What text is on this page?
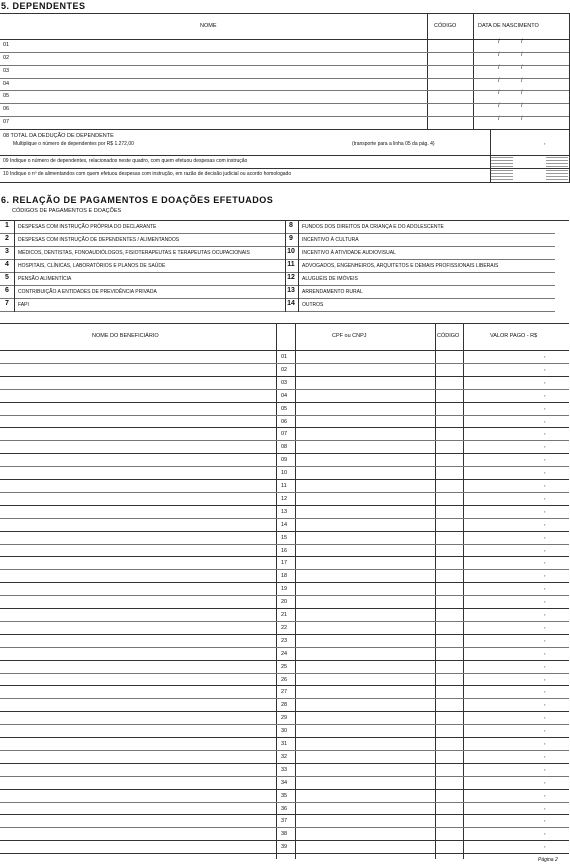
5. DEPENDENTES
NOME	CÓDIGO	DATA DE NASCIMENTO
01	/	/
02	/	/
03	/	/
04	/	/
05	/	/
06	/	/
07	/	/
08 TOTAL DA DEDUÇÃO DE DEPENDENTE
Multiplique o número de dependentes por R$ 1.272,00	(transporte para a linha 05 da pág. 4)	,
09 Indique o número de dependentes, relacionados neste quadro, com quem efetuou despesas com instrução
10 Indique o nº de alimentandos com quem efetuou despesas com instrução, em razão de decisão judicial ou acordo homologado
6. RELAÇÃO DE PAGAMENTOS E DOAÇÕES EFETUADOS
CÓDIGOS DE PAGAMENTOS E DOAÇÕES
1	DESPESAS COM INSTRUÇÃO PRÓPRIA DO DECLARANTE
2	DESPESAS COM INSTRUÇÃO DE DEPENDENTES / ALIMENTANDOS
3	MÉDICOS, DENTISTAS, FONOAUDIÓLOGOS, FISIOTERAPEUTAS E TERAPEUTAS OCUPACIONAIS
4	HOSPITAIS, CLÍNICAS, LABORATÓRIOS E PLANOS DE SAÚDE
5	PENSÃO ALIMENTÍCIA
6	CONTRIBUIÇÃO A ENTIDADES DE PREVIDÊNCIA PRIVADA
7	FAPI
8	FUNDOS DOS DIREITOS DA CRIANÇA E DO ADOLESCENTE
9	INCENTIVO À CULTURA
10	INCENTIVO À ATIVIDADE AUDIOVISUAL
11	ADVOGADOS, ENGENHEIROS, ARQUITETOS E DEMAIS PROFISSIONAIS LIBERAIS
12	ALUGUÉIS DE IMÓVEIS
13	ARRENDAMENTO RURAL
14	OUTROS
NOME DO BENEFICIÁRIO	CPF ou CNPJ	CÓDIGO	VALOR PAGO - R$
01	,
02	,
03	,
04	,
05	,
06	,
07	,
08	,
09	,
10	,
11	,
12	,
13	,
14	,
15	,
16	,
17	,
18	,
19	,
20	,
21	,
22	,
23	,
24	,
25	,
26	,
27	,
28	,
29	,
30	,
31	,
32	,
33	,
34	,
35	,
36	,
37	,
38	,
39	,
Página 2
